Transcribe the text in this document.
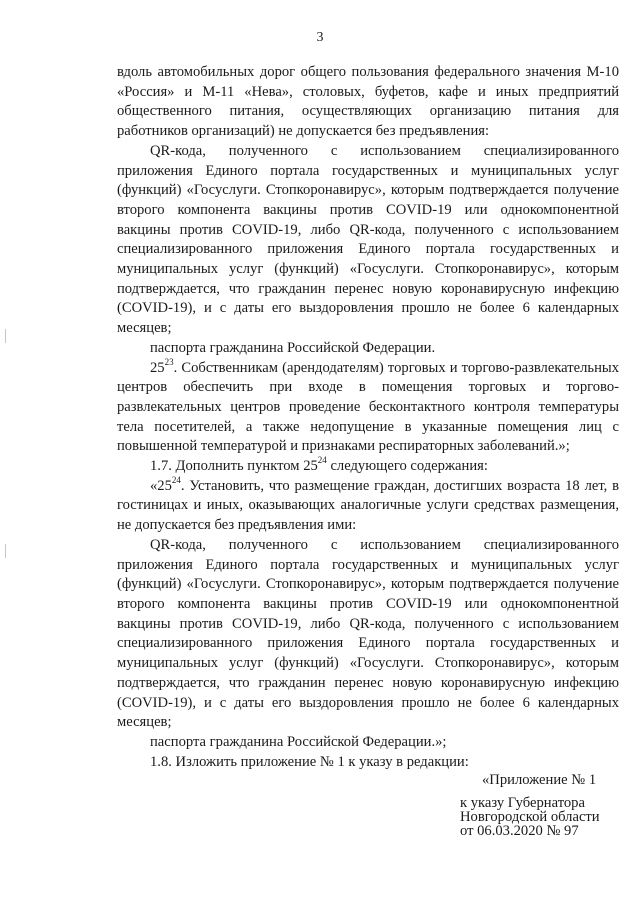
3

вдоль автомобильных дорог общего пользования федерального значения М-10 «Россия» и М-11 «Нева», столовых, буфетов, кафе и иных предприятий общественного питания, осуществляющих организацию питания для работников организаций) не допускается без предъявления:

QR-кода, полученного с использованием специализированного приложения Единого портала государственных и муниципальных услуг (функций) «Госуслуги. Стопкоронавирус», которым подтверждается получение второго компонента вакцины против COVID-19 или однокомпонентной вакцины против COVID-19, либо QR-кода, полученного с использованием специализированного приложения Единого портала государственных и муниципальных услуг (функций) «Госуслуги. Стопкоронавирус», которым подтверждается, что гражданин перенес новую коронавирусную инфекцию (COVID-19), и с даты его выздоровления прошло не более 6 календарных месяцев;

паспорта гражданина Российской Федерации.

$25^{23}$. Собственникам (арендодателям) торговых и торгово-развлекательных центров обеспечить при входе в помещения торговых и торгово-развлекательных центров проведение бесконтактного контроля температуры тела посетителей, а также недопущение в указанные помещения лиц с повышенной температурой и признаками респираторных заболеваний.»;

1.7. Дополнить пунктом $25^{24}$ следующего содержания:

«$25^{24}$. Установить, что размещение граждан, достигших возраста 18 лет, в гостиницах и иных, оказывающих аналогичные услуги средствах размещения, не допускается без предъявления ими:

QR-кода, полученного с использованием специализированного приложения Единого портала государственных и муниципальных услуг (функций) «Госуслуги. Стопкоронавирус», которым подтверждается получение второго компонента вакцины против COVID-19 или однокомпонентной вакцины против COVID-19, либо QR-кода, полученного с использованием специализированного приложения Единого портала государственных и муниципальных услуг (функций) «Госуслуги. Стопкоронавирус», которым подтверждается, что гражданин перенес новую коронавирусную инфекцию (COVID-19), и с даты его выздоровления прошло не более 6 календарных месяцев;

паспорта гражданина Российской Федерации.»;

1.8. Изложить приложение № 1 к указу в редакции:

«Приложение № 1

к указу Губернатора
Новгородской области
от 06.03.2020 № 97
